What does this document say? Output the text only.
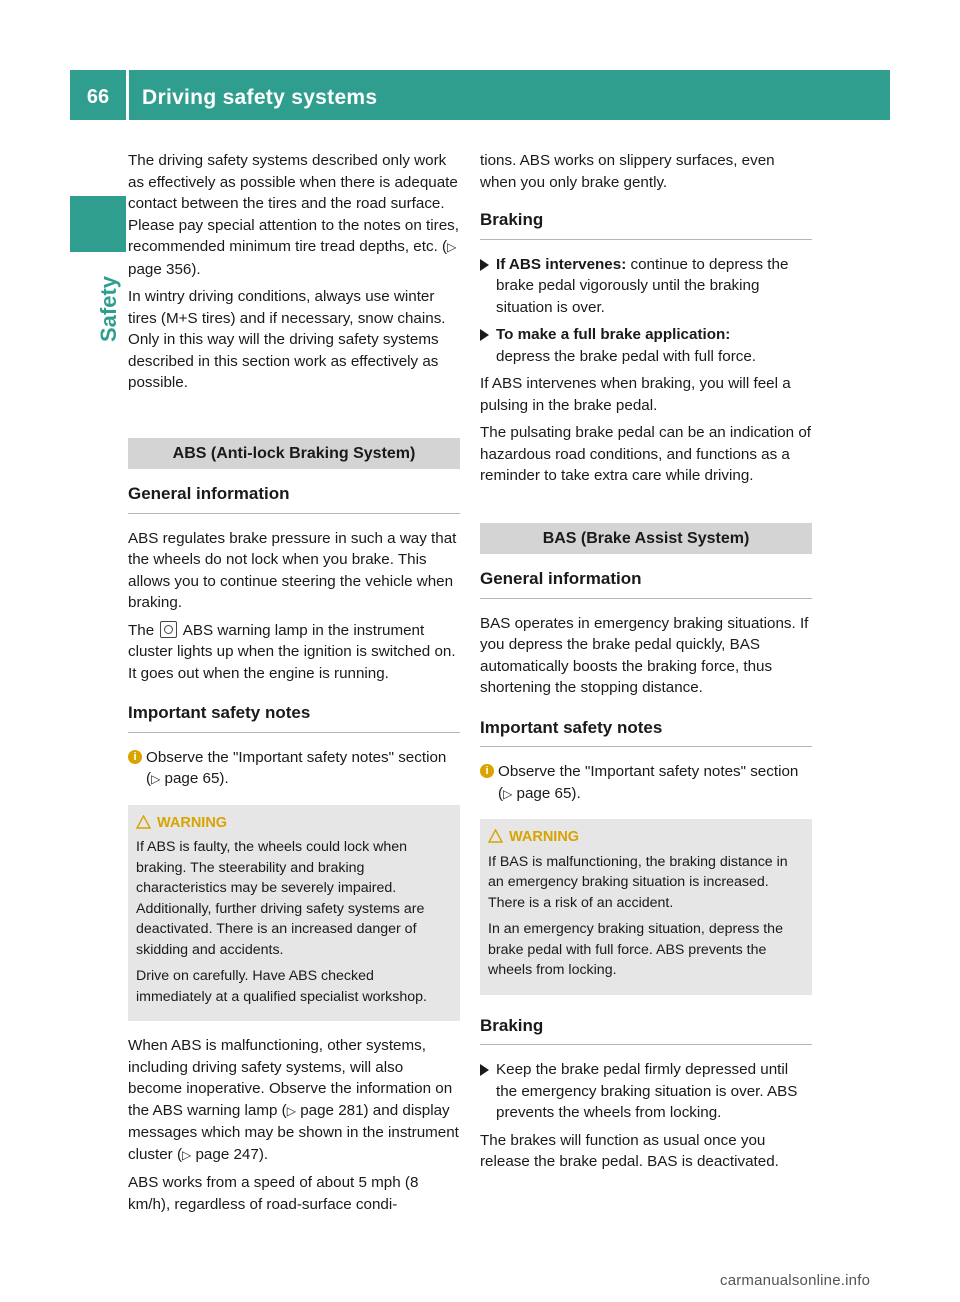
66	Driving safety systems
Safety

The driving safety systems described only work as effectively as possible when there is adequate contact between the tires and the road surface. Please pay special attention to the notes on tires, recommended minimum tire tread depths, etc. (▷ page 356).

In wintry driving conditions, always use winter tires (M+S tires) and if necessary, snow chains. Only in this way will the driving safety systems described in this section work as effectively as possible.

ABS (Anti-lock Braking System)
General information

ABS regulates brake pressure in such a way that the wheels do not lock when you brake. This allows you to continue steering the vehicle when braking.

The ABS warning lamp in the instrument cluster lights up when the ignition is switched on. It goes out when the engine is running.

Important safety notes
i Observe the "Important safety notes" section (▷ page 65).
WARNING

If ABS is faulty, the wheels could lock when braking. The steerability and braking characteristics may be severely impaired. Additionally, further driving safety systems are deactivated. There is an increased danger of skidding and accidents.

Drive on carefully. Have ABS checked immediately at a qualified specialist workshop.

When ABS is malfunctioning, other systems, including driving safety systems, will also become inoperative. Observe the information on the ABS warning lamp (▷ page 281) and display messages which may be shown in the instrument cluster (▷ page 247).

ABS works from a speed of about 5 mph (8 km/h), regardless of road-surface condi-

tions. ABS works on slippery surfaces, even when you only brake gently.

Braking
If ABS intervenes: continue to depress the brake pedal vigorously until the braking situation is over.
To make a full brake application:
depress the brake pedal with full force.

If ABS intervenes when braking, you will feel a pulsing in the brake pedal.

The pulsating brake pedal can be an indication of hazardous road conditions, and functions as a reminder to take extra care while driving.

BAS (Brake Assist System)
General information

BAS operates in emergency braking situations. If you depress the brake pedal quickly, BAS automatically boosts the braking force, thus shortening the stopping distance.

Important safety notes
i Observe the "Important safety notes" section (▷ page 65).
WARNING

If BAS is malfunctioning, the braking distance in an emergency braking situation is increased. There is a risk of an accident.

In an emergency braking situation, depress the brake pedal with full force. ABS prevents the wheels from locking.

Braking
Keep the brake pedal firmly depressed until the emergency braking situation is over. ABS prevents the wheels from locking.

The brakes will function as usual once you release the brake pedal. BAS is deactivated.

carmanualsonline.info
